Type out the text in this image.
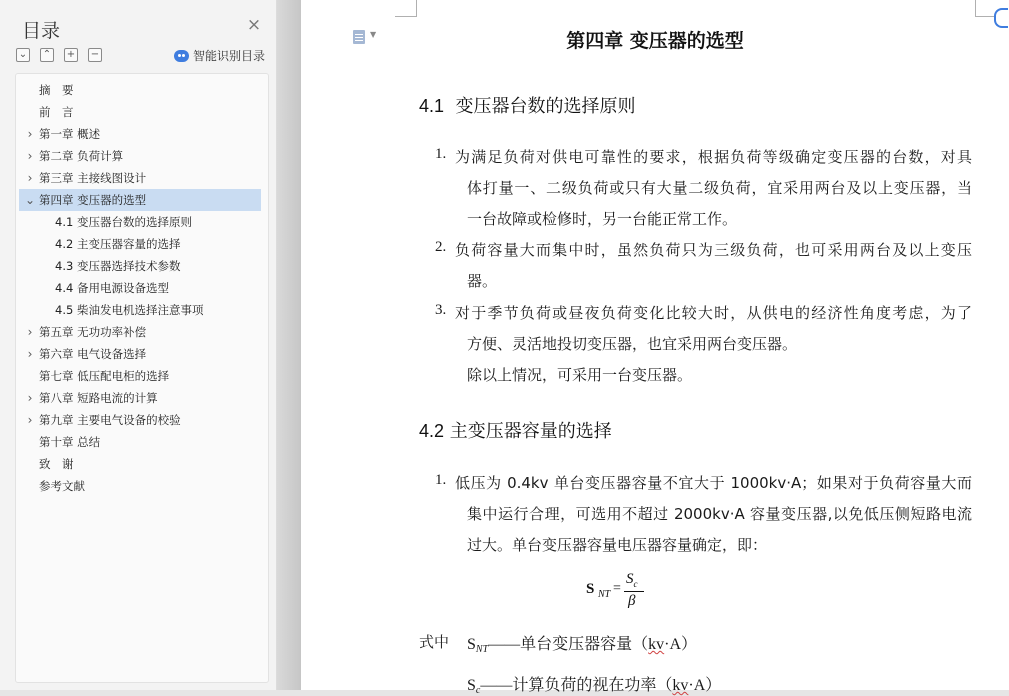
目录	×
⌄ ⌃ + −	智能识别目录
摘　要
前　言
› 第一章 概述
› 第二章 负荷计算
› 第三章 主接线图设计
⌄ 第四章 变压器的选型
4.1 变压器台数的选择原则
4.2 主变压器容量的选择
4.3 变压器选择技术参数
4.4 备用电源设备选型
4.5 柴油发电机选择注意事项
› 第五章 无功功率补偿
› 第六章 电气设备选择
第七章 低压配电柜的选择
› 第八章 短路电流的计算
› 第九章 主要电气设备的校验
第十章 总结
致　谢
参考文献
▼	第四章 变压器的选型
4.1 变压器台数的选择原则
1. 为满足负荷对供电可靠性的要求，根据负荷等级确定变压器的台数，对具
体打量一、二级负荷或只有大量二级负荷，宜采用两台及以上变压器，当
一台故障或检修时，另一台能正常工作。
2. 负荷容量大而集中时，虽然负荷只为三级负荷，也可采用两台及以上变压
器。
3. 对于季节负荷或昼夜负荷变化比较大时，从供电的经济性角度考虑，为了
方便、灵活地投切变压器，也宜采用两台变压器。
除以上情况，可采用一台变压器。
4.2 主变压器容量的选择
1. 低压为 0.4kv 单台变压器容量不宜大于 1000kv·A；如果对于负荷容量大而
集中运行合理，可选用不超过 2000kv·A 容量变压器,以免低压侧短路电流
过大。单台变压器容量电压器容量确定，即：
S NT =
$S_c$
β
式中 SNT——单台变压器容量（kv·A）
Sc——计算负荷的视在功率（kv·A）
